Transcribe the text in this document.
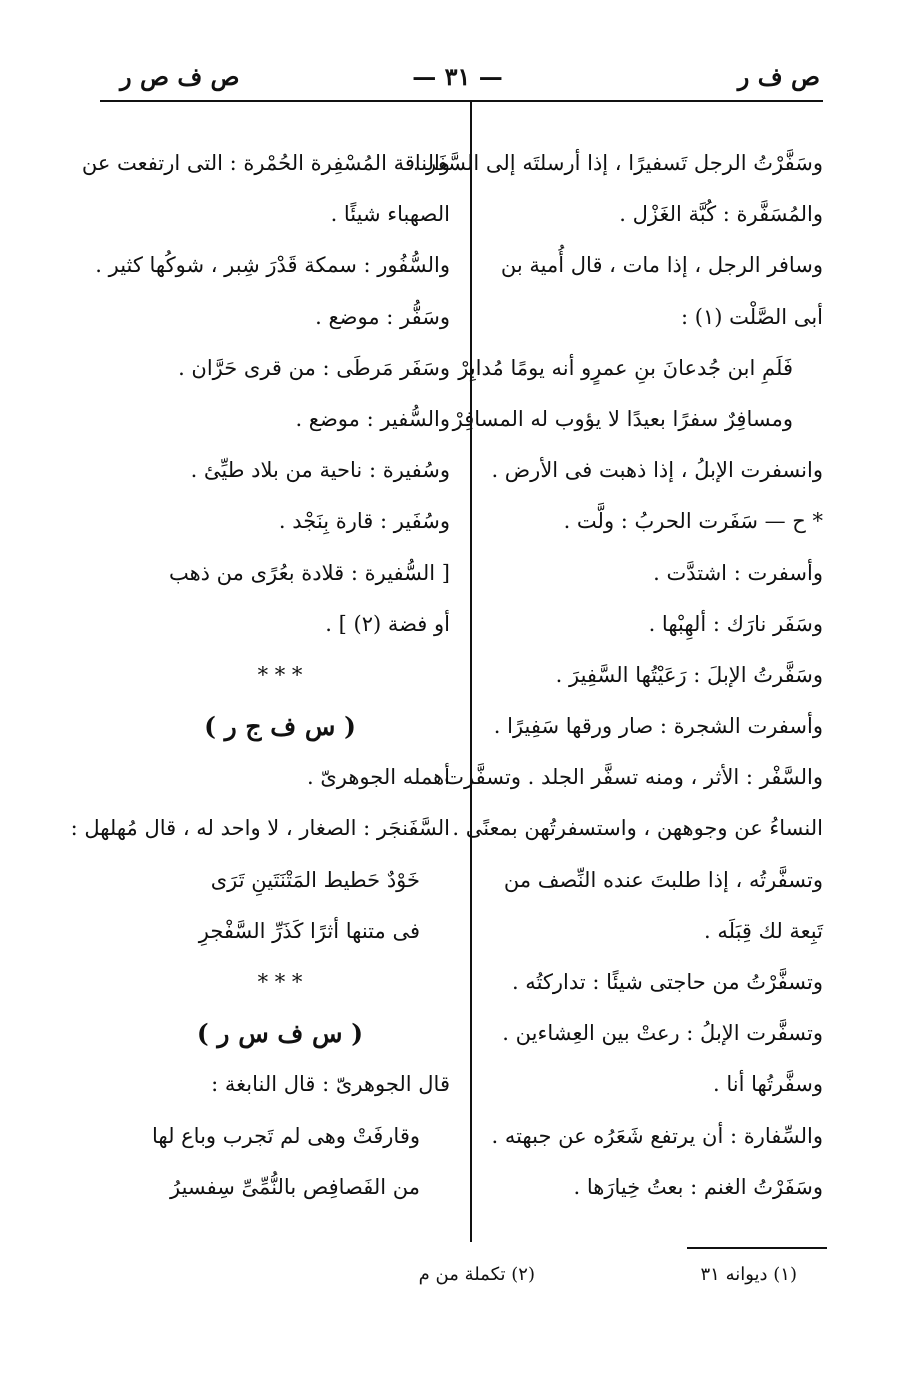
ص ف ر
— ٣١ —
ص ف ص ر
وسَفَّرْتُ الرجل تَسفيرًا ، إذا أرسلتَه إلى السَّفَر .
والمُسَفَّرة : كُبَّة الغَزْل .
وسافر الرجل ، إذا مات ، قال أُمية بن
أبى الصَّلْت (١) :
فَلَمِ ابن جُدعانَ بنِ عمرٍو أنه يومًا مُدابِرْ
ومسافِرٌ سفرًا بعيدًا لا يؤوب له المسافِرْ
وانسفرت الإبلُ ، إذا ذهبت فى الأرض .
* ح — سَفَرت الحربُ : ولَّت .
وأسفرت : اشتدَّت .
وسَفَر نارَك : ألهِبْها .
وسَفَّرتُ الإبلَ : رَعَيْتُها السَّفِيرَ .
وأسفرت الشجرة : صار ورقها سَفِيرًا .
والسَّفْر : الأثر ، ومنه تسفَّر الجلد . وتسفَّرت
النساءُ عن وجوههن ، واستسفرتُهن بمعنًى .
وتسفَّرتُه ، إذا طلبتَ عنده النِّصف من
تَبِعة لك قِبَلَه .
وتسفَّرْتُ من حاجتى شيئًا : تداركتُه .
وتسفَّرت الإبلُ : رعتْ بين العِشاءين .
وسفَّرتُها أنا .
والسِّفارة : أن يرتفع شَعَرُه عن جبهته .
وسَفَرْتُ الغنم : بعتُ خِيارَها .
والناقة المُسْفِرة الحُمْرة : التى ارتفعت عن
الصهباء شيئًا .
والسُّفُور : سمكة قَدْرَ شِبر ، شوكُها كثير .
وسَفُّر : موضع .
وسَفَر مَرطَى : من قرى حَرَّان .
والسُّفير : موضع .
وسُفيرة : ناحية من بلاد طيِّئ .
وسُفَير : قارة بِنَجْد .
[ السُّفيرة : قلادة بعُرًى من ذهب
أو فضة (٢) ] .
* * *
( س ف ج ر )
أهمله الجوهرىّ .
السَّفَنجَر : الصغار ، لا واحد له ، قال مُهلهل :
خَوْدٌ حَطيط المَتْنَتَينِ تَرَى
فى متنها أثرًا كَذَرِّ السَّفْجرِ
* * *
( س ف س ر )
قال الجوهرىّ : قال النابغة :
وقارفَتْ وهى لم تَجرب وباع لها
من الفَصافِص بالنُّمِّىِّ سِفسيرُ
(١) ديوانه ٣١
(٢) تكملة من م
